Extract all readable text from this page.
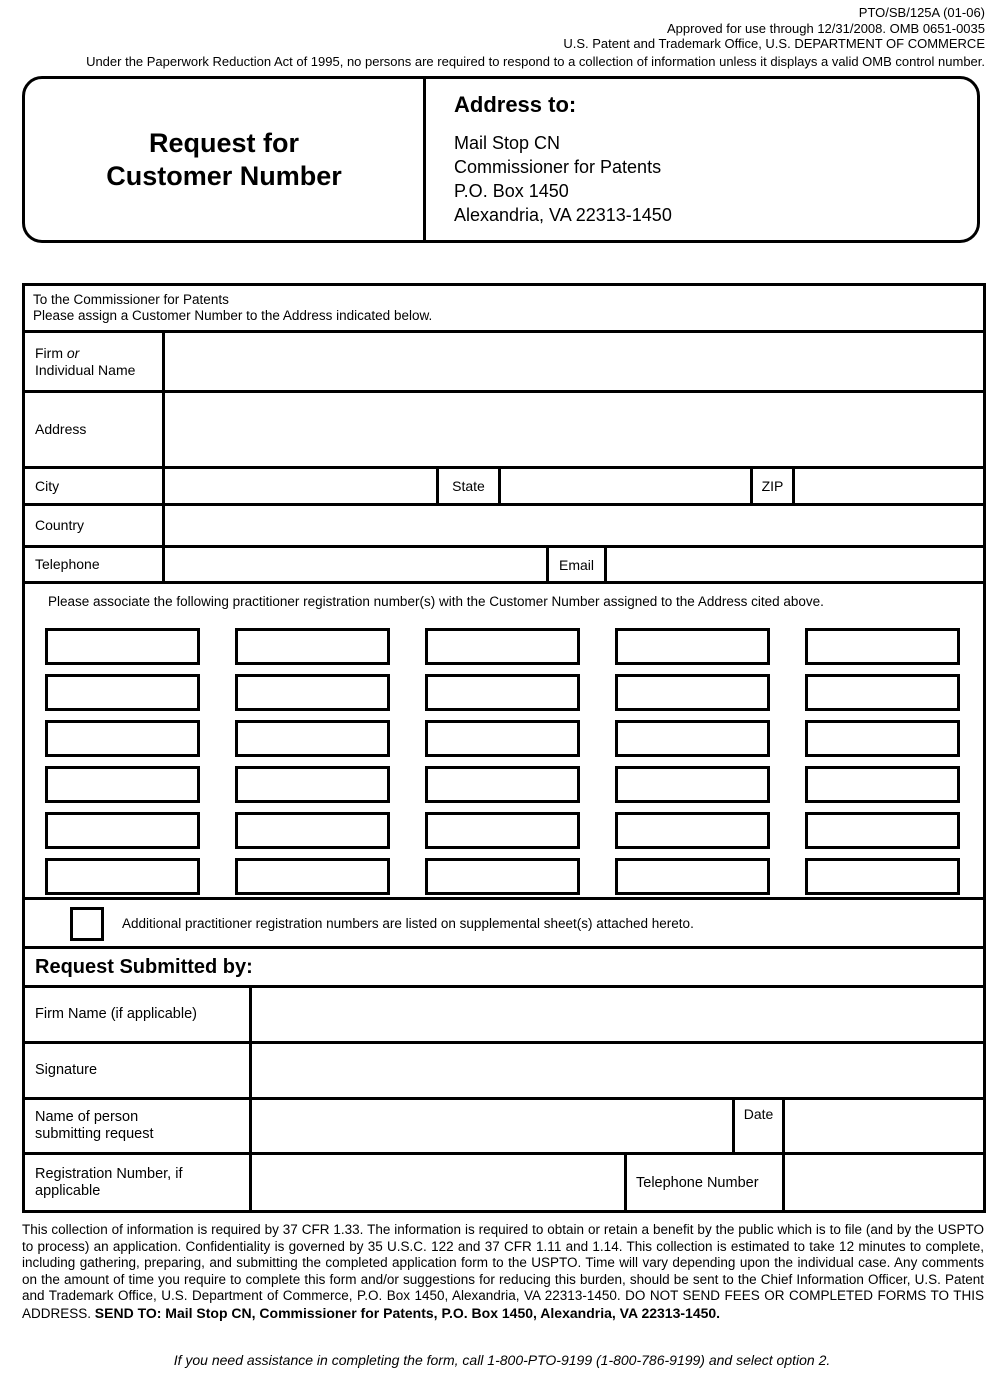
PTO/SB/125A (01-06)
Approved for use through 12/31/2008. OMB 0651-0035
U.S. Patent and Trademark Office, U.S. DEPARTMENT OF COMMERCE
Under the Paperwork Reduction Act of 1995, no persons are required to respond to a collection of information unless it displays a valid OMB control number.
Request for
Customer Number
Address to:
Mail Stop CN
Commissioner for Patents
P.O. Box 1450
Alexandria, VA 22313-1450
To the Commissioner for Patents
Please assign a Customer Number to the Address indicated below.
Firm or
Individual Name
Address
City	State	ZIP
Country
Telephone	Email
Please associate the following practitioner registration number(s) with the Customer Number assigned to the Address cited above.
Additional practitioner registration numbers are listed on supplemental sheet(s) attached hereto.
Request Submitted by:
Firm Name (if applicable)
Signature
Name of person
submitting request
Date
Registration Number, if
applicable	Telephone Number
This collection of information is required by 37 CFR 1.33. The information is required to obtain or retain a benefit by the public which is to file (and by the USPTO to process) an application. Confidentiality is governed by 35 U.S.C. 122 and 37 CFR 1.11 and 1.14. This collection is estimated to take 12 minutes to complete, including gathering, preparing, and submitting the completed application form to the USPTO. Time will vary depending upon the individual case. Any comments on the amount of time you require to complete this form and/or suggestions for reducing this burden, should be sent to the Chief Information Officer, U.S. Patent and Trademark Office, U.S. Department of Commerce, P.O. Box 1450, Alexandria, VA 22313-1450. DO NOT SEND FEES OR COMPLETED FORMS TO THIS ADDRESS. SEND TO: Mail Stop CN, Commissioner for Patents, P.O. Box 1450, Alexandria, VA 22313-1450.
If you need assistance in completing the form, call 1-800-PTO-9199 (1-800-786-9199) and select option 2.
